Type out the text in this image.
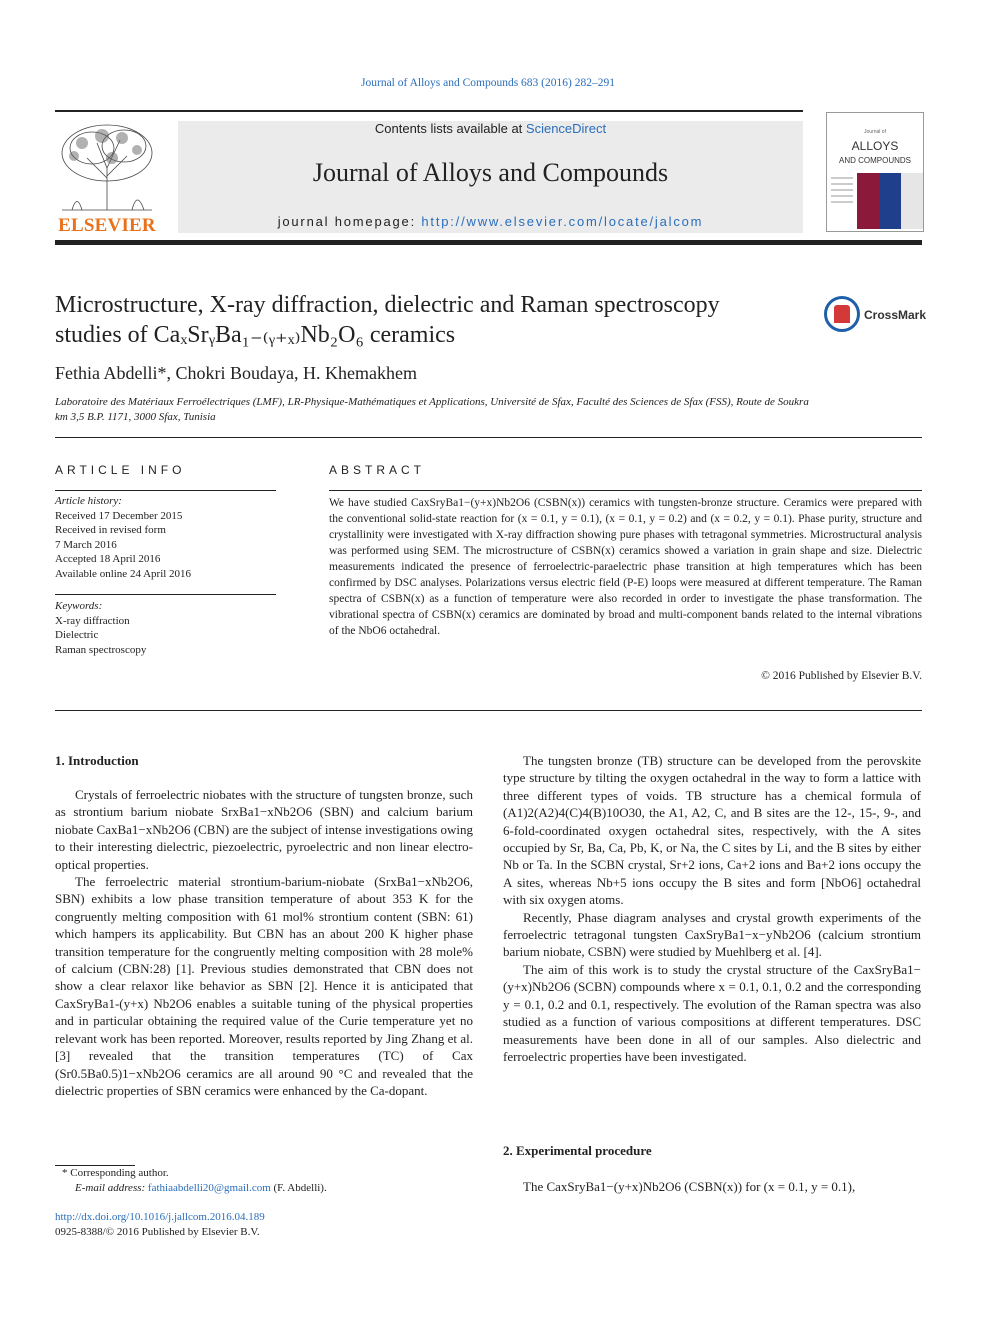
Journal of Alloys and Compounds 683 (2016) 282–291
ELSEVIER
Contents lists available at ScienceDirect
Journal of Alloys and Compounds
journal homepage: http://www.elsevier.com/locate/jalcom
Journal of
ALLOYS
AND COMPOUNDS
Microstructure, X-ray diffraction, dielectric and Raman spectroscopy
studies of CaₓSrᵧBa₁₋₍ᵧ₊ₓ₎Nb₂O₆ ceramics
CrossMark
Fethia Abdelli*, Chokri Boudaya, H. Khemakhem
Laboratoire des Matériaux Ferroélectriques (LMF), LR-Physique-Mathématiques et Applications, Université de Sfax, Faculté des Sciences de Sfax (FSS), Route de Soukra km 3,5 B.P. 1171, 3000 Sfax, Tunisia
ARTICLE INFO	ABSTRACT
Article history:
Received 17 December 2015
Received in revised form
7 March 2016
Accepted 18 April 2016
Available online 24 April 2016
Keywords:
X-ray diffraction
Dielectric
Raman spectroscopy
We have studied CaxSryBa1−(y+x)Nb2O6 (CSBN(x)) ceramics with tungsten-bronze structure. Ceramics were prepared with the conventional solid-state reaction for (x = 0.1, y = 0.1), (x = 0.1, y = 0.2) and (x = 0.2, y = 0.1). Phase purity, structure and crystallinity were investigated with X-ray diffraction showing pure phases with tetragonal symmetries. Microstructural analysis was performed using SEM. The microstructure of CSBN(x) ceramics showed a variation in grain shape and size. Dielectric measurements indicated the presence of ferroelectric-paraelectric phase transition at high temperatures which has been confirmed by DSC analyses. Polarizations versus electric field (P-E) loops were measured at different temperature. The Raman spectra of CSBN(x) as a function of temperature were also recorded in order to investigate the phase transformation. The vibrational spectra of CSBN(x) ceramics are dominated by broad and multi-component bands related to the internal vibrations of the NbO6 octahedral.
© 2016 Published by Elsevier B.V.
1. Introduction

Crystals of ferroelectric niobates with the structure of tungsten bronze, such as strontium barium niobate SrxBa1−xNb2O6 (SBN) and calcium barium niobate CaxBa1−xNb2O6 (CBN) are the subject of intense investigations owing to their interesting dielectric, piezoelectric, pyroelectric and non linear electro-optical properties.

The ferroelectric material strontium-barium-niobate (SrxBa1−xNb2O6, SBN) exhibits a low phase transition temperature of about 353 K for the congruently melting composition with 61 mol% strontium content (SBN: 61) which hampers its applicability. But CBN has an about 200 K higher phase transition temperature for the congruently melting composition with 28 mole% of calcium (CBN:28) [1]. Previous studies demonstrated that CBN does not show a clear relaxor like behavior as SBN [2]. Hence it is anticipated that CaxSryBa1-(y+x) Nb2O6 enables a suitable tuning of the physical properties and in particular obtaining the required value of the Curie temperature yet no relevant work has been reported. Moreover, results reported by Jing Zhang et al. [3] revealed that the transition temperatures (TC) of Cax (Sr0.5Ba0.5)1−xNb2O6 ceramics are all around 90 °C and revealed that the dielectric properties of SBN ceramics were enhanced by the Ca-dopant.

The tungsten bronze (TB) structure can be developed from the perovskite type structure by tilting the oxygen octahedral in the way to form a lattice with three different types of voids. TB structure has a chemical formula of (A1)2(A2)4(C)4(B)10O30, the A1, A2, C, and B sites are the 12-, 15-, 9-, and 6-fold-coordinated oxygen octahedral sites, respectively, with the A sites occupied by Sr, Ba, Ca, Pb, K, or Na, the C sites by Li, and the B sites by either Nb or Ta. In the SCBN crystal, Sr+2 ions, Ca+2 ions and Ba+2 ions occupy the A sites, whereas Nb+5 ions occupy the B sites and form [NbO6] octahedral with six oxygen atoms.

Recently, Phase diagram analyses and crystal growth experiments of the ferroelectric tetragonal tungsten CaxSryBa1−x−yNb2O6 (calcium strontium barium niobate, CSBN) were studied by Muehlberg et al. [4].

The aim of this work is to study the crystal structure of the CaxSryBa1−(y+x)Nb2O6 (SCBN) compounds where x = 0.1, 0.1, 0.2 and the corresponding y = 0.1, 0.2 and 0.1, respectively. The evolution of the Raman spectra was also studied as a function of various compositions at different temperatures. DSC measurements have been done in all of our samples. Also dielectric and ferroelectric properties have been investigated.

2. Experimental procedure
The CaxSryBa1−(y+x)Nb2O6 (CSBN(x)) for (x = 0.1, y = 0.1),
* Corresponding author.
E-mail address: fathiaabdelli20@gmail.com (F. Abdelli).
http://dx.doi.org/10.1016/j.jallcom.2016.04.189
0925-8388/© 2016 Published by Elsevier B.V.
